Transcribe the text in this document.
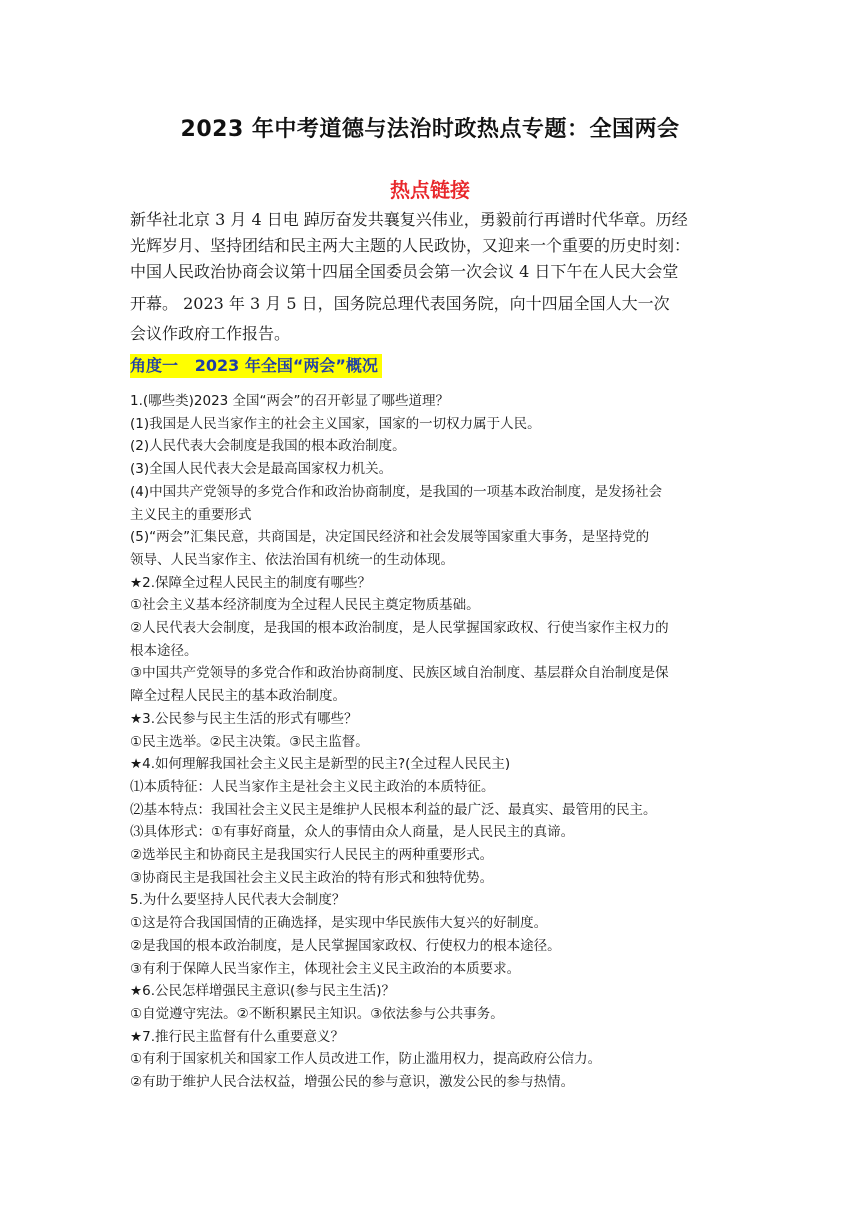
2023 年中考道德与法治时政热点专题：全国两会
热点链接
新华社北京 3 月 4 日电 踔厉奋发共襄复兴伟业，勇毅前行再谱时代华章。历经
光辉岁月、坚持团结和民主两大主题的人民政协，又迎来一个重要的历史时刻：
中国人民政治协商会议第十四届全国委员会第一次会议 4 日下午在人民大会堂
开幕。 2023 年 3 月 5 日，国务院总理代表国务院，向十四届全国人大一次
会议作政府工作报告。
角度一   2023 年全国“两会”概况
1.(哪些类)2023 全国“两会”的召开彰显了哪些道理？
(1)我国是人民当家作主的社会主义国家，国家的一切权力属于人民。
(2)人民代表大会制度是我国的根本政治制度。
(3)全国人民代表大会是最高国家权力机关。
(4)中国共产党领导的多党合作和政治协商制度，是我国的一项基本政治制度，是发扬社会
主义民主的重要形式
(5)“两会”汇集民意，共商国是，决定国民经济和社会发展等国家重大事务，是坚持党的
领导、人民当家作主、依法治国有机统一的生动体现。
★2.保障全过程人民民主的制度有哪些？
①社会主义基本经济制度为全过程人民民主奠定物质基础。
②人民代表大会制度，是我国的根本政治制度，是人民掌握国家政权、行使当家作主权力的
根本途径。
③中国共产党领导的多党合作和政治协商制度、民族区域自治制度、基层群众自治制度是保
障全过程人民民主的基本政治制度。
★3.公民参与民主生活的形式有哪些？
①民主选举。②民主决策。③民主监督。
★4.如何理解我国社会主义民主是新型的民主?(全过程人民民主)
⑴本质特征：人民当家作主是社会主义民主政治的本质特征。
⑵基本特点：我国社会主义民主是维护人民根本利益的最广泛、最真实、最管用的民主。
⑶具体形式：①有事好商量，众人的事情由众人商量，是人民民主的真谛。
②选举民主和协商民主是我国实行人民民主的两种重要形式。
③协商民主是我国社会主义民主政治的特有形式和独特优势。
5.为什么要坚持人民代表大会制度？
①这是符合我国国情的正确选择，是实现中华民族伟大复兴的好制度。
②是我国的根本政治制度，是人民掌握国家政权、行使权力的根本途径。
③有利于保障人民当家作主，体现社会主义民主政治的本质要求。
★6.公民怎样增强民主意识(参与民主生活)？
①自觉遵守宪法。②不断积累民主知识。③依法参与公共事务。
★7.推行民主监督有什么重要意义？
①有利于国家机关和国家工作人员改进工作，防止滥用权力，提高政府公信力。
②有助于维护人民合法权益，增强公民的参与意识，激发公民的参与热情。
